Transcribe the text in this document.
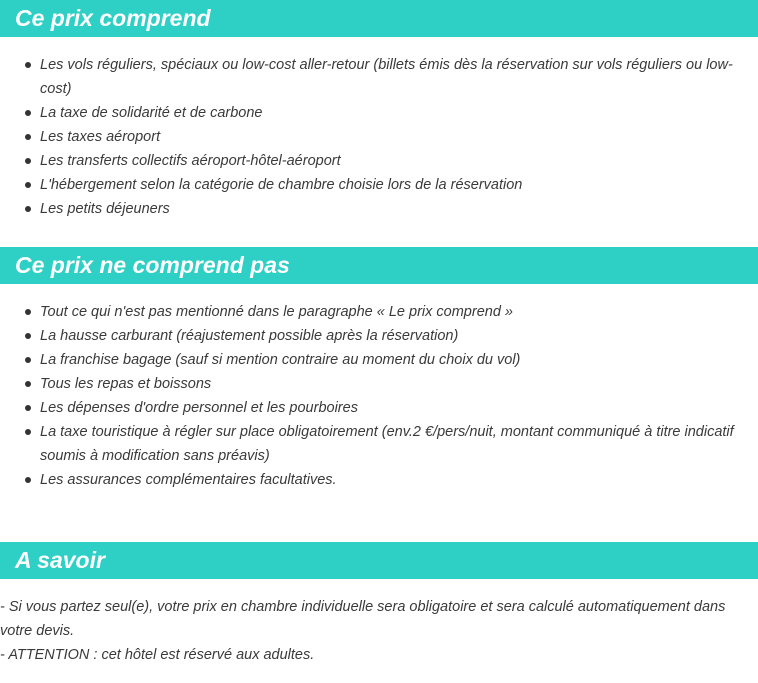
Ce prix comprend
Les vols réguliers, spéciaux ou low-cost aller-retour (billets émis dès la réservation sur vols réguliers ou low-cost)
La taxe de solidarité et de carbone
Les taxes aéroport
Les transferts collectifs aéroport-hôtel-aéroport
L'hébergement selon la catégorie de chambre choisie lors de la réservation
Les petits déjeuners
Ce prix ne comprend pas
Tout ce qui n'est pas mentionné dans le paragraphe « Le prix comprend »
La hausse carburant (réajustement possible après la réservation)
La franchise bagage (sauf si mention contraire au moment du choix du vol)
Tous les repas et boissons
Les dépenses d'ordre personnel et les pourboires
La taxe touristique à régler sur place obligatoirement (env.2 €/pers/nuit, montant communiqué à titre indicatif soumis à modification sans préavis)
Les assurances complémentaires facultatives.
A savoir

- Si vous partez seul(e), votre prix en chambre individuelle sera obligatoire et sera calculé automatiquement dans votre devis.

- ATTENTION : cet hôtel est réservé aux adultes.
